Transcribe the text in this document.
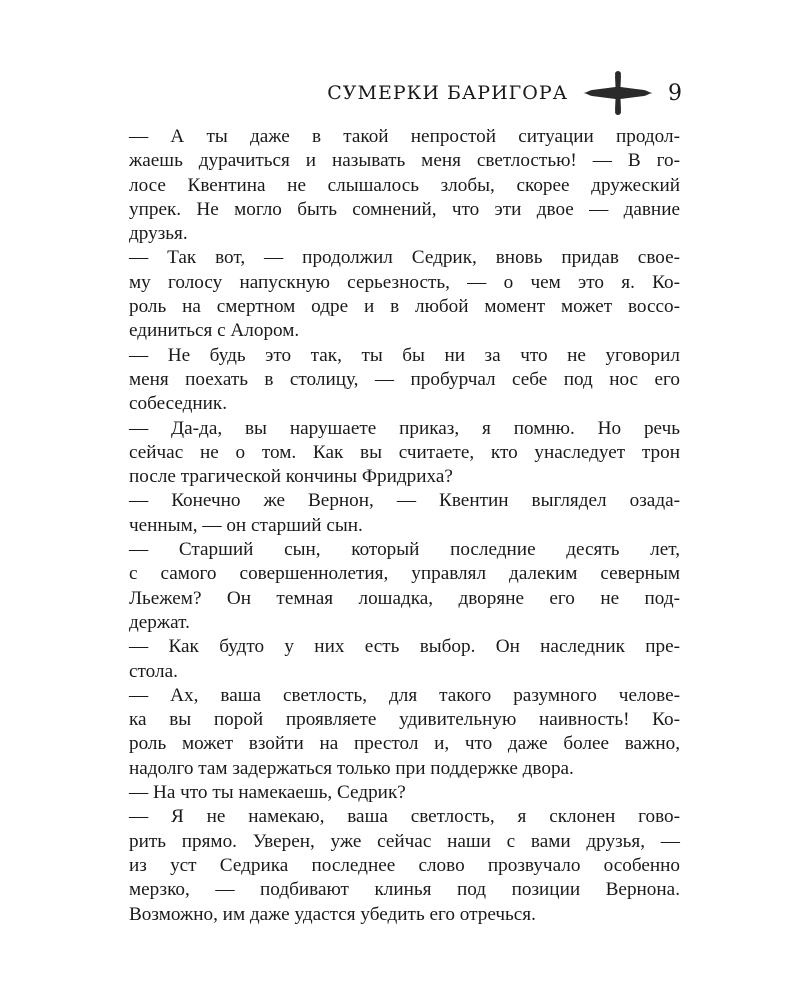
СУМЕРКИ БАРИГОРА	9

— А ты даже в такой непростой ситуации продол-
жаешь дурачиться и называть меня светлостью! — В го-
лосе Квентина не слышалось злобы, скорее дружеский
упрек. Не могло быть сомнений, что эти двое — давние
друзья.

— Так вот, — продолжил Седрик, вновь придав свое-
му голосу напускную серьезность, — о чем это я. Ко-
роль на смертном одре и в любой момент может воссо-
единиться с Алором.

— Не будь это так, ты бы ни за что не уговорил
меня поехать в столицу, — пробурчал себе под нос его
собеседник.

— Да-да, вы нарушаете приказ, я помню. Но речь
сейчас не о том. Как вы считаете, кто унаследует трон
после трагической кончины Фридриха?

— Конечно же Вернон, — Квентин выглядел озада-
ченным, — он старший сын.

— Старший сын, который последние десять лет,
с самого совершеннолетия, управлял далеким северным
Льежем? Он темная лошадка, дворяне его не под-
держат.

— Как будто у них есть выбор. Он наследник пре-
стола.

— Ах, ваша светлость, для такого разумного челове-
ка вы порой проявляете удивительную наивность! Ко-
роль может взойти на престол и, что даже более важно,
надолго там задержаться только при поддержке двора.

— На что ты намекаешь, Седрик?

— Я не намекаю, ваша светлость, я склонен гово-
рить прямо. Уверен, уже сейчас наши с вами друзья, —
из уст Седрика последнее слово прозвучало особенно
мерзко, — подбивают клинья под позиции Вернона.
Возможно, им даже удастся убедить его отречься.
